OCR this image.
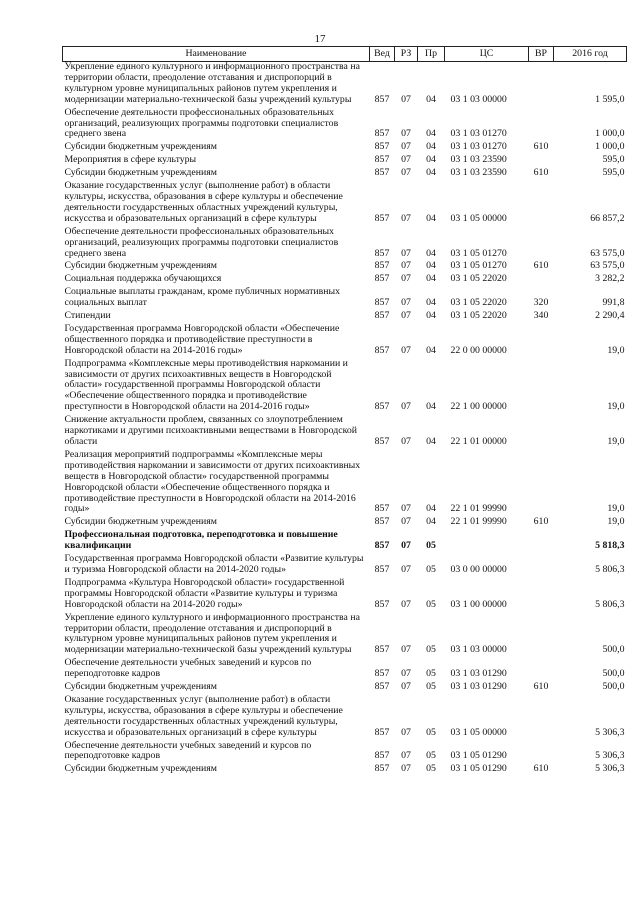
17
Наименование	Вед	РЗ	Пр	ЦС	ВР	2016 год
Укрепление единого культурного и информационного пространства на территории области, преодоление отставания и диспропорций в культурном уровне муниципальных районов путем укрепления и модернизации материально-технической базы учреждений культуры	857	07	04	03 1 03 00000		1 595,0
Обеспечение деятельности профессиональных образовательных организаций, реализующих программы подготовки специалистов среднего звена	857	07	04	03 1 03 01270		1 000,0
Субсидии бюджетным учреждениям	857	07	04	03 1 03 01270	610	1 000,0
Мероприятия в сфере культуры	857	07	04	03 1 03 23590		595,0
Субсидии бюджетным учреждениям	857	07	04	03 1 03 23590	610	595,0
Оказание государственных услуг (выполнение работ) в области культуры, искусства, образования в сфере культуры и обеспечение деятельности государственных областных учреждений культуры, искусства и образовательных организаций в сфере культуры	857	07	04	03 1 05 00000		66 857,2
Обеспечение деятельности профессиональных образовательных организаций, реализующих программы подготовки специалистов среднего звена	857	07	04	03 1 05 01270		63 575,0
Субсидии бюджетным учреждениям	857	07	04	03 1 05 01270	610	63 575,0
Социальная поддержка обучающихся	857	07	04	03 1 05 22020		3 282,2
Социальные выплаты гражданам, кроме публичных нормативных социальных выплат	857	07	04	03 1 05 22020	320	991,8
Стипендии	857	07	04	03 1 05 22020	340	2 290,4
Государственная программа Новгородской области «Обеспечение общественного порядка и противодействие преступности в Новгородской области на 2014-2016 годы»	857	07	04	22 0 00 00000		19,0
Подпрограмма «Комплексные меры противодействия наркомании и зависимости от других психоактивных веществ в Новгородской области» государственной программы Новгородской области «Обеспечение общественного порядка и противодействие преступности в Новгородской области на 2014-2016 годы»	857	07	04	22 1 00 00000		19,0
Снижение актуальности проблем, связанных со злоупотреблением наркотиками и другими психоактивными веществами в Новгородской области	857	07	04	22 1 01 00000		19,0
Реализация мероприятий подпрограммы «Комплексные меры противодействия наркомании и зависимости от других психоактивных веществ в Новгородской области» государственной программы Новгородской области «Обеспечение общественного порядка и противодействие преступности в Новгородской области на 2014-2016 годы»	857	07	04	22 1 01 99990		19,0
Субсидии бюджетным учреждениям	857	07	04	22 1 01 99990	610	19,0
Профессиональная подготовка, переподготовка и повышение квалификации	857	07	05			5 818,3
Государственная программа Новгородской области «Развитие культуры и туризма Новгородской области на 2014-2020 годы»	857	07	05	03 0 00 00000		5 806,3
Подпрограмма «Культура Новгородской области» государственной программы Новгородской области «Развитие культуры и туризма Новгородской области на 2014-2020 годы»	857	07	05	03 1 00 00000		5 806,3
Укрепление единого культурного и информационного пространства на территории области, преодоление отставания и диспропорций в культурном уровне муниципальных районов путем укрепления и модернизации материально-технической базы учреждений культуры	857	07	05	03 1 03 00000		500,0
Обеспечение деятельности учебных заведений и курсов по переподготовке кадров	857	07	05	03 1 03 01290		500,0
Субсидии бюджетным учреждениям	857	07	05	03 1 03 01290	610	500,0
Оказание государственных услуг (выполнение работ) в области культуры, искусства, образования в сфере культуры и обеспечение деятельности государственных областных учреждений культуры, искусства и образовательных организаций в сфере культуры	857	07	05	03 1 05 00000		5 306,3
Обеспечение деятельности учебных заведений и курсов по переподготовке кадров	857	07	05	03 1 05 01290		5 306,3
Субсидии бюджетным учреждениям	857	07	05	03 1 05 01290	610	5 306,3
